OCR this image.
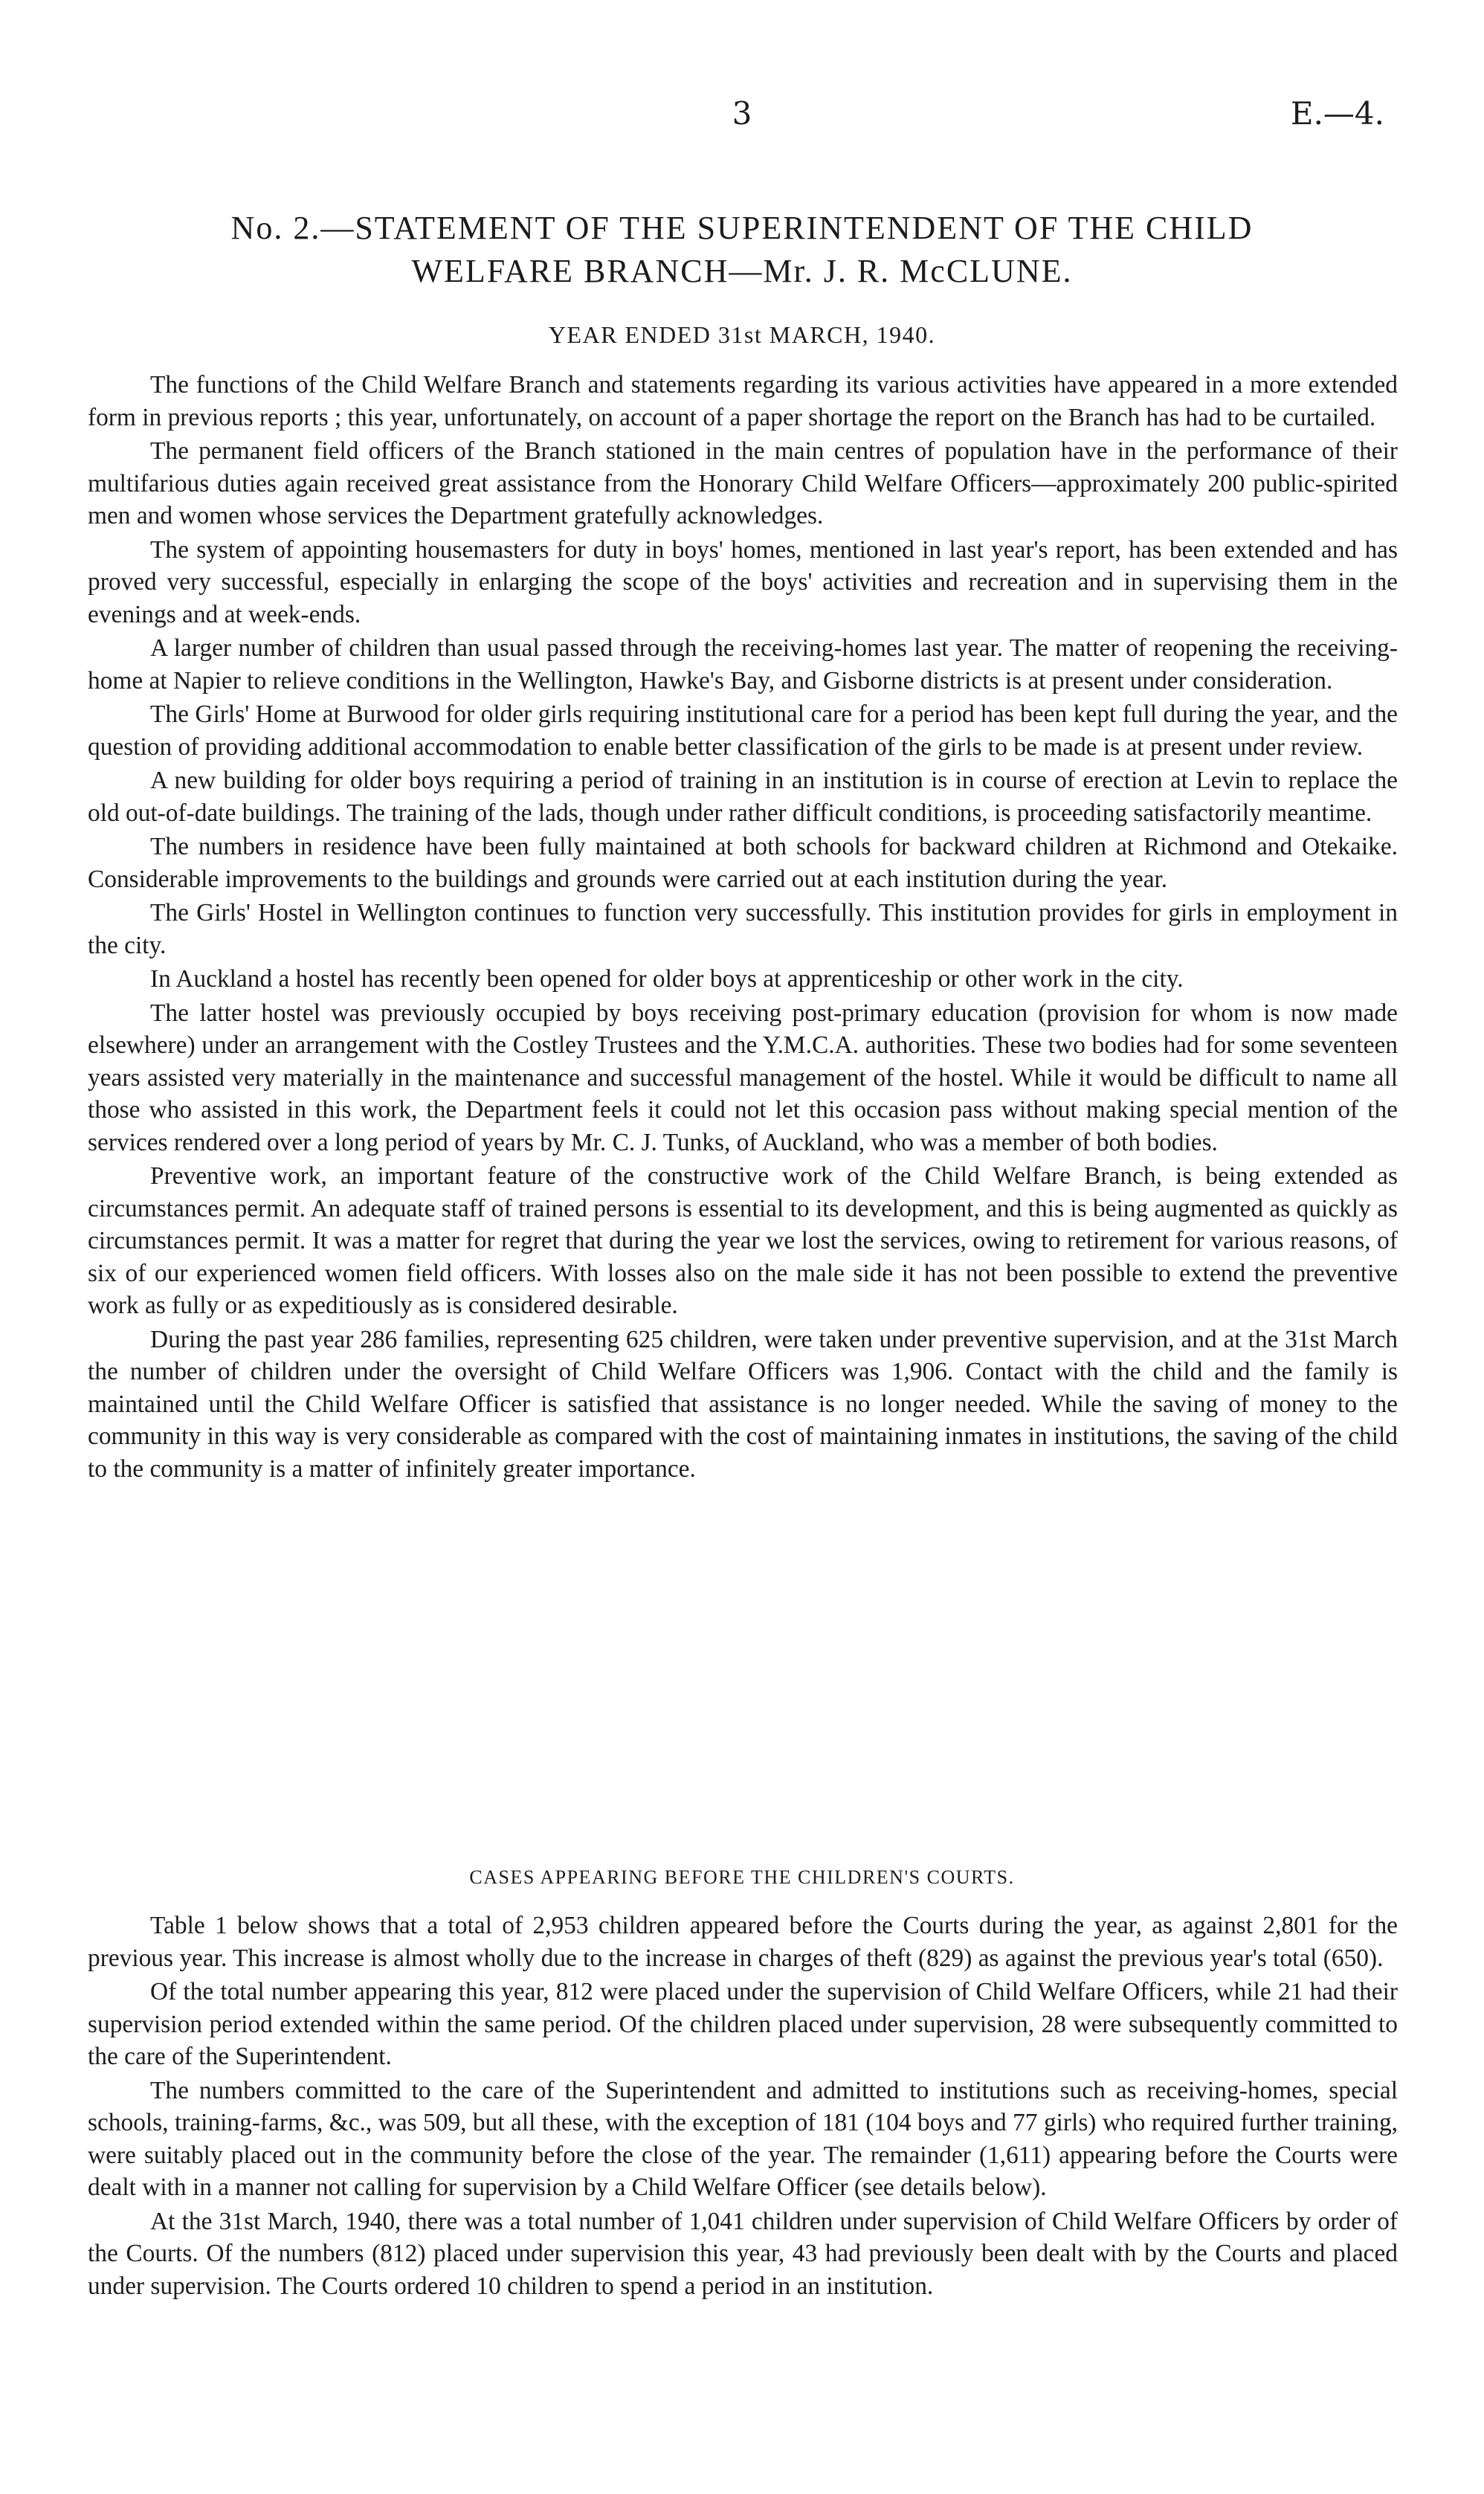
3	E.—4.
No. 2.—STATEMENT OF THE SUPERINTENDENT OF THE CHILD
WELFARE BRANCH—Mr. J. R. McCLUNE.
YEAR ENDED 31st MARCH, 1940.

The functions of the Child Welfare Branch and statements regarding its various activities have appeared in a more extended form in previous reports ; this year, unfortunately, on account of a paper shortage the report on the Branch has had to be curtailed.

The permanent field officers of the Branch stationed in the main centres of population have in the performance of their multifarious duties again received great assistance from the Honorary Child Welfare Officers—approximately 200 public-spirited men and women whose services the Department gratefully acknowledges.

The system of appointing housemasters for duty in boys' homes, mentioned in last year's report, has been extended and has proved very successful, especially in enlarging the scope of the boys' activities and recreation and in supervising them in the evenings and at week-ends.

A larger number of children than usual passed through the receiving-homes last year. The matter of reopening the receiving-home at Napier to relieve conditions in the Wellington, Hawke's Bay, and Gisborne districts is at present under consideration.

The Girls' Home at Burwood for older girls requiring institutional care for a period has been kept full during the year, and the question of providing additional accommodation to enable better classification of the girls to be made is at present under review.

A new building for older boys requiring a period of training in an institution is in course of erection at Levin to replace the old out-of-date buildings. The training of the lads, though under rather difficult conditions, is proceeding satisfactorily meantime.

The numbers in residence have been fully maintained at both schools for backward children at Richmond and Otekaike. Considerable improvements to the buildings and grounds were carried out at each institution during the year.

The Girls' Hostel in Wellington continues to function very successfully. This institution provides for girls in employment in the city.

In Auckland a hostel has recently been opened for older boys at apprenticeship or other work in the city.

The latter hostel was previously occupied by boys receiving post-primary education (provision for whom is now made elsewhere) under an arrangement with the Costley Trustees and the Y.M.C.A. authorities. These two bodies had for some seventeen years assisted very materially in the maintenance and successful management of the hostel. While it would be difficult to name all those who assisted in this work, the Department feels it could not let this occasion pass without making special mention of the services rendered over a long period of years by Mr. C. J. Tunks, of Auckland, who was a member of both bodies.

Preventive work, an important feature of the constructive work of the Child Welfare Branch, is being extended as circumstances permit. An adequate staff of trained persons is essential to its development, and this is being augmented as quickly as circumstances permit. It was a matter for regret that during the year we lost the services, owing to retirement for various reasons, of six of our experienced women field officers. With losses also on the male side it has not been possible to extend the preventive work as fully or as expeditiously as is considered desirable.

During the past year 286 families, representing 625 children, were taken under preventive supervision, and at the 31st March the number of children under the oversight of Child Welfare Officers was 1,906. Contact with the child and the family is maintained until the Child Welfare Officer is satisfied that assistance is no longer needed. While the saving of money to the community in this way is very considerable as compared with the cost of maintaining inmates in institutions, the saving of the child to the community is a matter of infinitely greater importance.

CASES APPEARING BEFORE THE CHILDREN'S COURTS.

Table 1 below shows that a total of 2,953 children appeared before the Courts during the year, as against 2,801 for the previous year. This increase is almost wholly due to the increase in charges of theft (829) as against the previous year's total (650).

Of the total number appearing this year, 812 were placed under the supervision of Child Welfare Officers, while 21 had their supervision period extended within the same period. Of the children placed under supervision, 28 were subsequently committed to the care of the Superintendent.

The numbers committed to the care of the Superintendent and admitted to institutions such as receiving-homes, special schools, training-farms, &c., was 509, but all these, with the exception of 181 (104 boys and 77 girls) who required further training, were suitably placed out in the community before the close of the year. The remainder (1,611) appearing before the Courts were dealt with in a manner not calling for supervision by a Child Welfare Officer (see details below).

At the 31st March, 1940, there was a total number of 1,041 children under supervision of Child Welfare Officers by order of the Courts. Of the numbers (812) placed under supervision this year, 43 had previously been dealt with by the Courts and placed under supervision. The Courts ordered 10 children to spend a period in an institution.
